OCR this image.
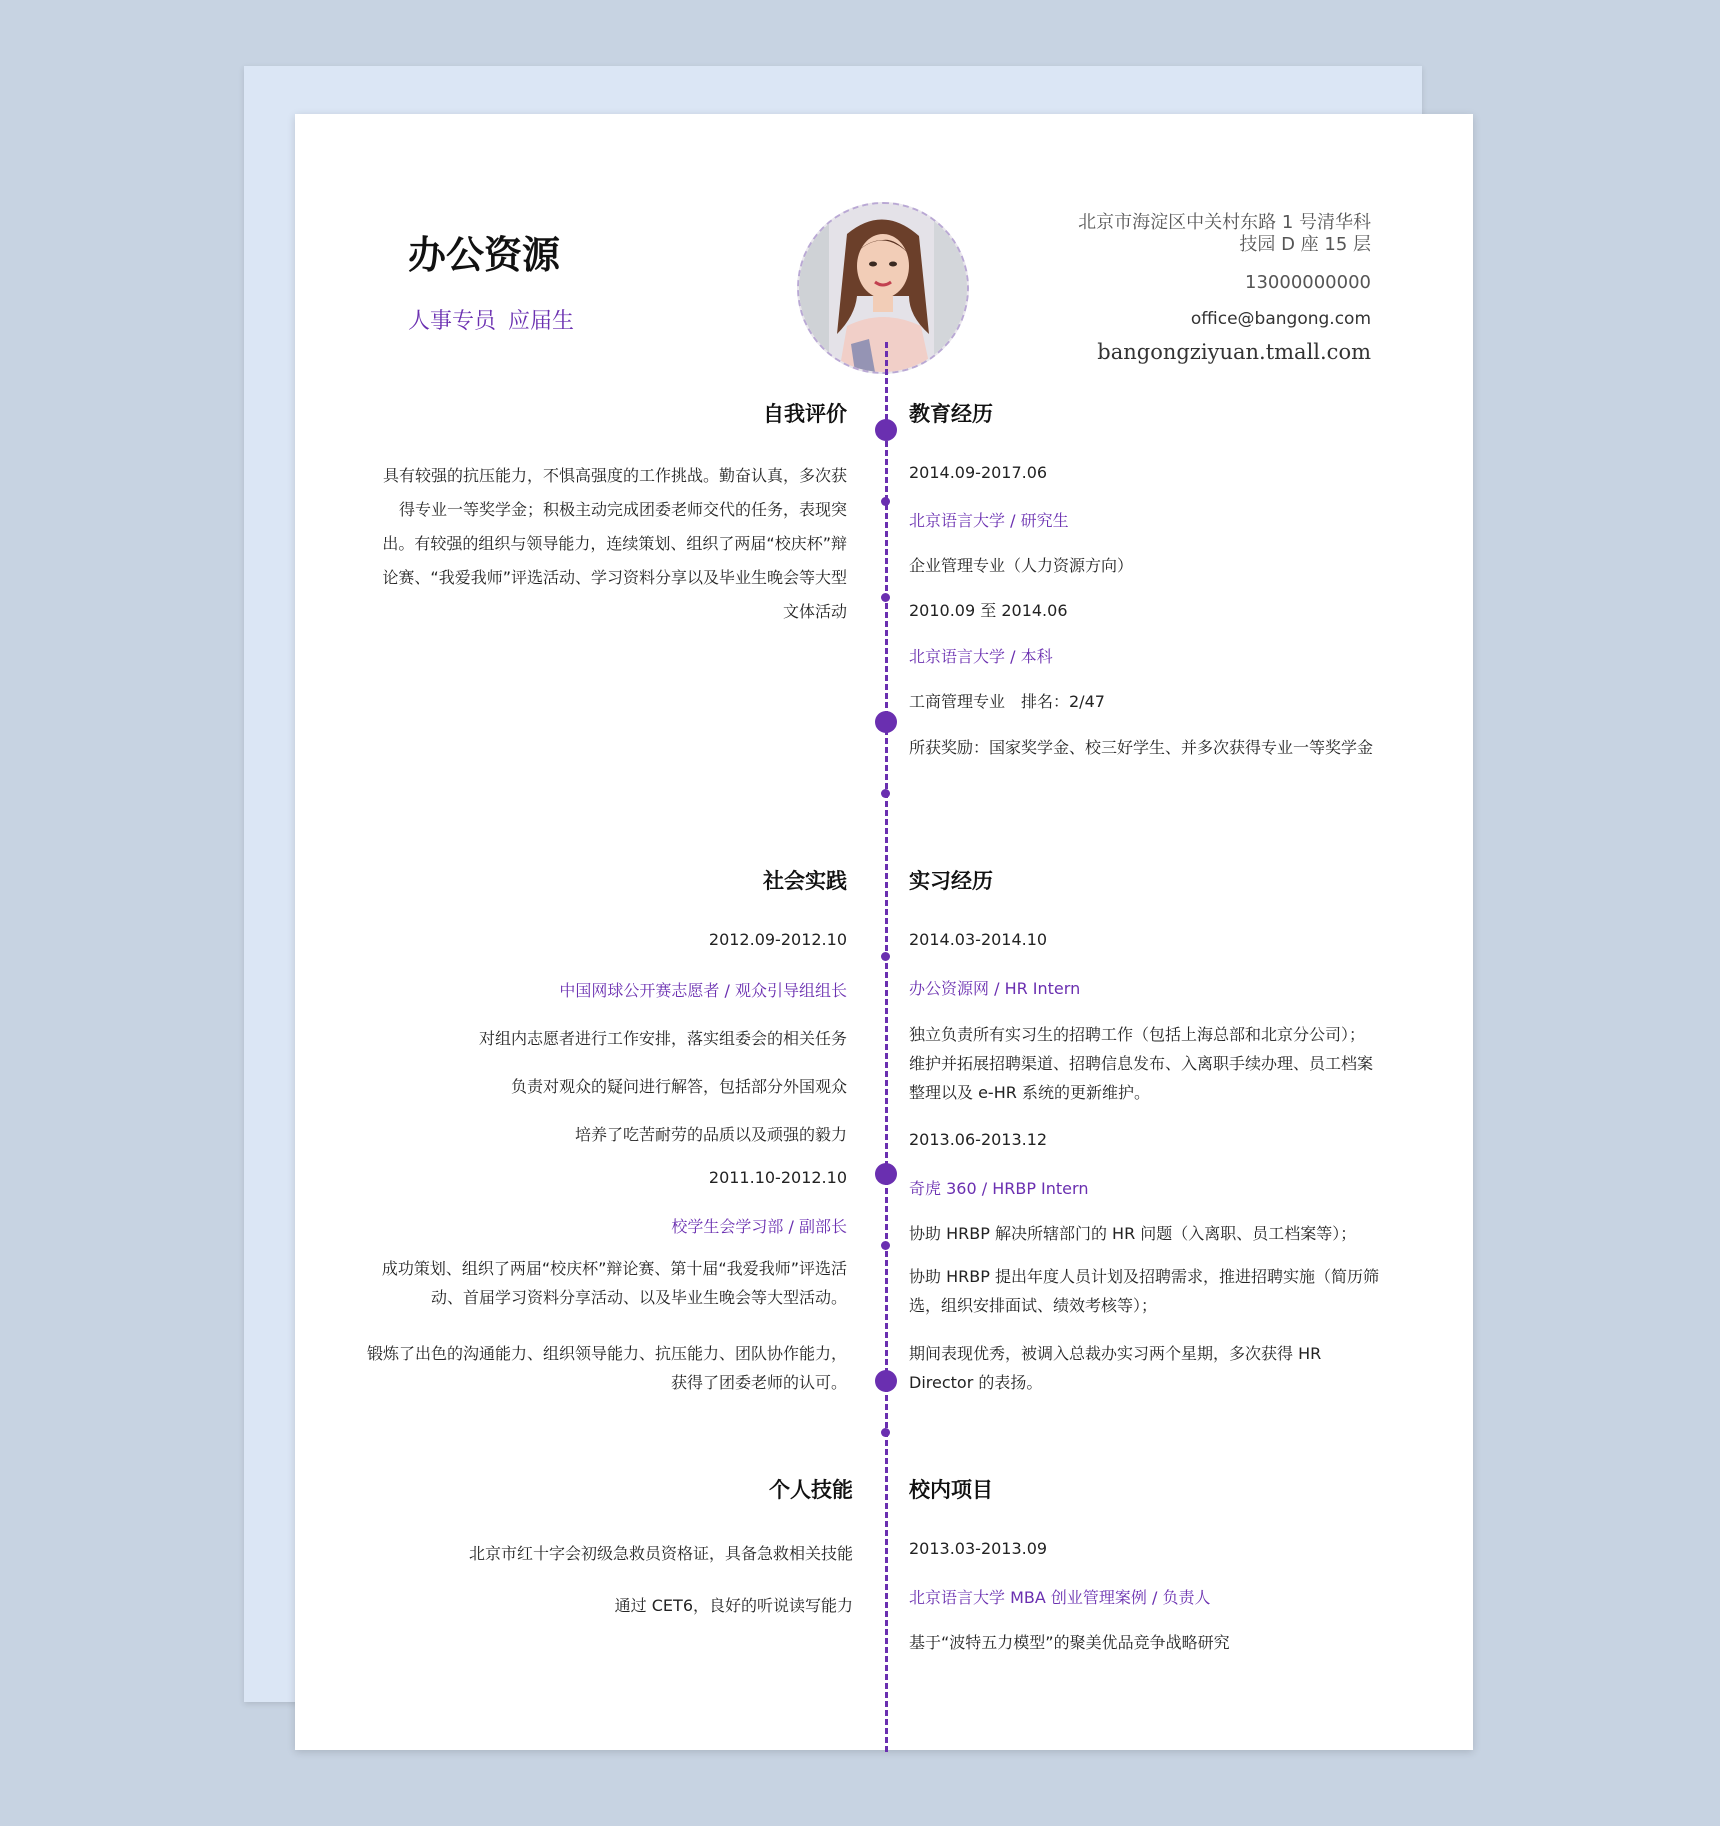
办公资源
人事专员 应届生
北京市海淀区中关村东路 1 号清华科技园 D 座 15 层
13000000000
office@bangong.com
bangongziyuan.tmall.com
自我评价
具有较强的抗压能力，不惧高强度的工作挑战。勤奋认真，多次获得专业一等奖学金；积极主动完成团委老师交代的任务，表现突出。有较强的组织与领导能力，连续策划、组织了两届“校庆杯”辩论赛、“我爱我师”评选活动、学习资料分享以及毕业生晚会等大型文体活动
教育经历
2014.09-2017.06
北京语言大学 / 研究生
企业管理专业（人力资源方向）
2010.09 至 2014.06
北京语言大学 / 本科
工商管理专业　排名：2/47
所获奖励：国家奖学金、校三好学生、并多次获得专业一等奖学金
社会实践
2012.09-2012.10
中国网球公开赛志愿者 / 观众引导组组长
对组内志愿者进行工作安排，落实组委会的相关任务
负责对观众的疑问进行解答，包括部分外国观众
培养了吃苦耐劳的品质以及顽强的毅力
2011.10-2012.10
校学生会学习部 / 副部长
成功策划、组织了两届“校庆杯”辩论赛、第十届“我爱我师”评选活动、首届学习资料分享活动、以及毕业生晚会等大型活动。
锻炼了出色的沟通能力、组织领导能力、抗压能力、团队协作能力，获得了团委老师的认可。
实习经历
2014.03-2014.10
办公资源网 / HR Intern
独立负责所有实习生的招聘工作（包括上海总部和北京分公司）；维护并拓展招聘渠道、招聘信息发布、入离职手续办理、员工档案整理以及 e-HR 系统的更新维护。
2013.06-2013.12
奇虎 360 / HRBP Intern
协助 HRBP 解决所辖部门的 HR 问题（入离职、员工档案等）；
协助 HRBP 提出年度人员计划及招聘需求，推进招聘实施（简历筛选，组织安排面试、绩效考核等）；
期间表现优秀，被调入总裁办实习两个星期，多次获得 HR Director 的表扬。
个人技能
北京市红十字会初级急救员资格证，具备急救相关技能
通过 CET6，良好的听说读写能力
校内项目
2013.03-2013.09
北京语言大学 MBA 创业管理案例 / 负责人
基于“波特五力模型”的聚美优品竞争战略研究
